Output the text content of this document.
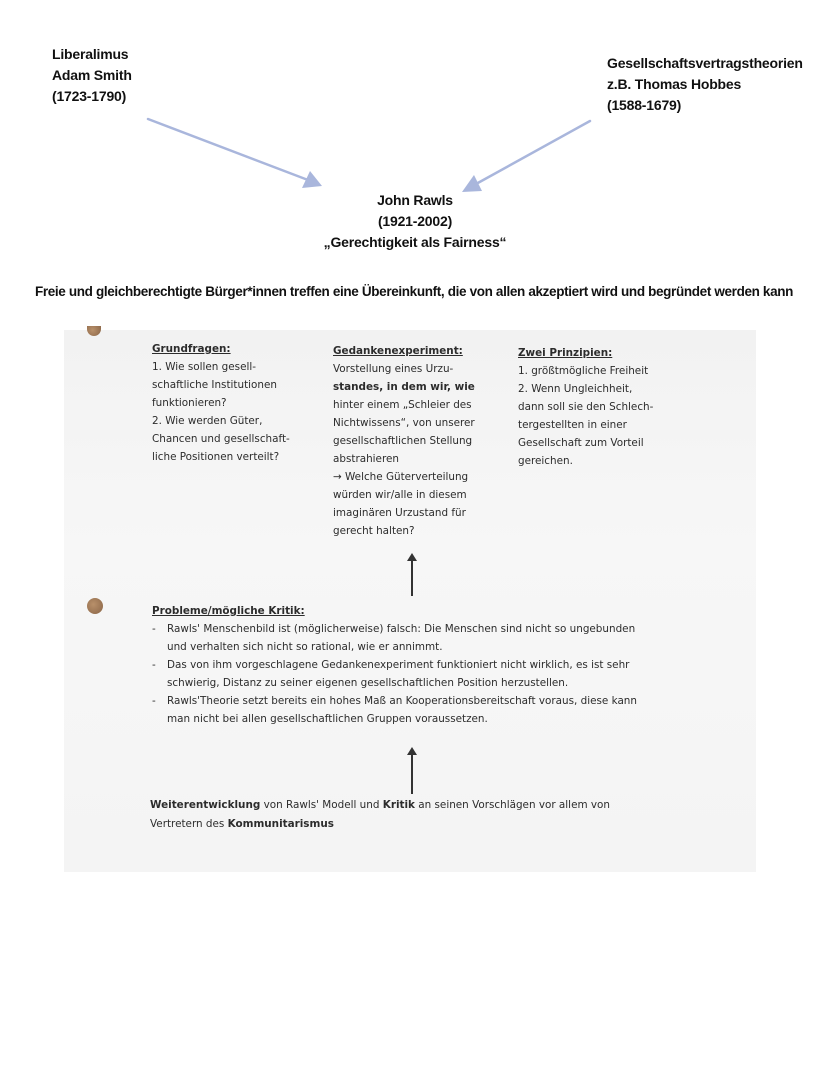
Liberalimus
Adam Smith
(1723-1790)
Gesellschaftsvertragstheorien
z.B. Thomas Hobbes
(1588-1679)
John Rawls
(1921-2002)
„Gerechtigkeit als Fairness“
Freie und gleichberechtigte Bürger*innen treffen eine Übereinkunft, die von allen akzeptiert wird und begründet werden kann
Grundfragen:
1. Wie sollen gesell-
schaftliche Institutionen
funktionieren?
2. Wie werden Güter,
Chancen und gesellschaft-
liche Positionen verteilt?
Gedankenexperiment:
Vorstellung eines Urzu-
standes, in dem wir, wie
hinter einem „Schleier des
Nichtwissens“, von unserer
gesellschaftlichen Stellung
abstrahieren
→ Welche Güterverteilung
würden wir/alle in diesem
imaginären Urzustand für
gerecht halten?
Zwei Prinzipien:
1. größtmögliche Freiheit
2. Wenn Ungleichheit,
dann soll sie den Schlech-
tergestellten in einer
Gesellschaft zum Vorteil
gereichen.
Probleme/mögliche Kritik:
- Rawls' Menschenbild ist (möglicherweise) falsch: Die Menschen sind nicht so ungebunden
und verhalten sich nicht so rational, wie er annimmt.
- Das von ihm vorgeschlagene Gedankenexperiment funktioniert nicht wirklich, es ist sehr
schwierig, Distanz zu seiner eigenen gesellschaftlichen Position herzustellen.
- Rawls'Theorie setzt bereits ein hohes Maß an Kooperationsbereitschaft voraus, diese kann
man nicht bei allen gesellschaftlichen Gruppen voraussetzen.
Weiterentwicklung von Rawls' Modell und Kritik an seinen Vorschlägen vor allem von
Vertretern des Kommunitarismus
